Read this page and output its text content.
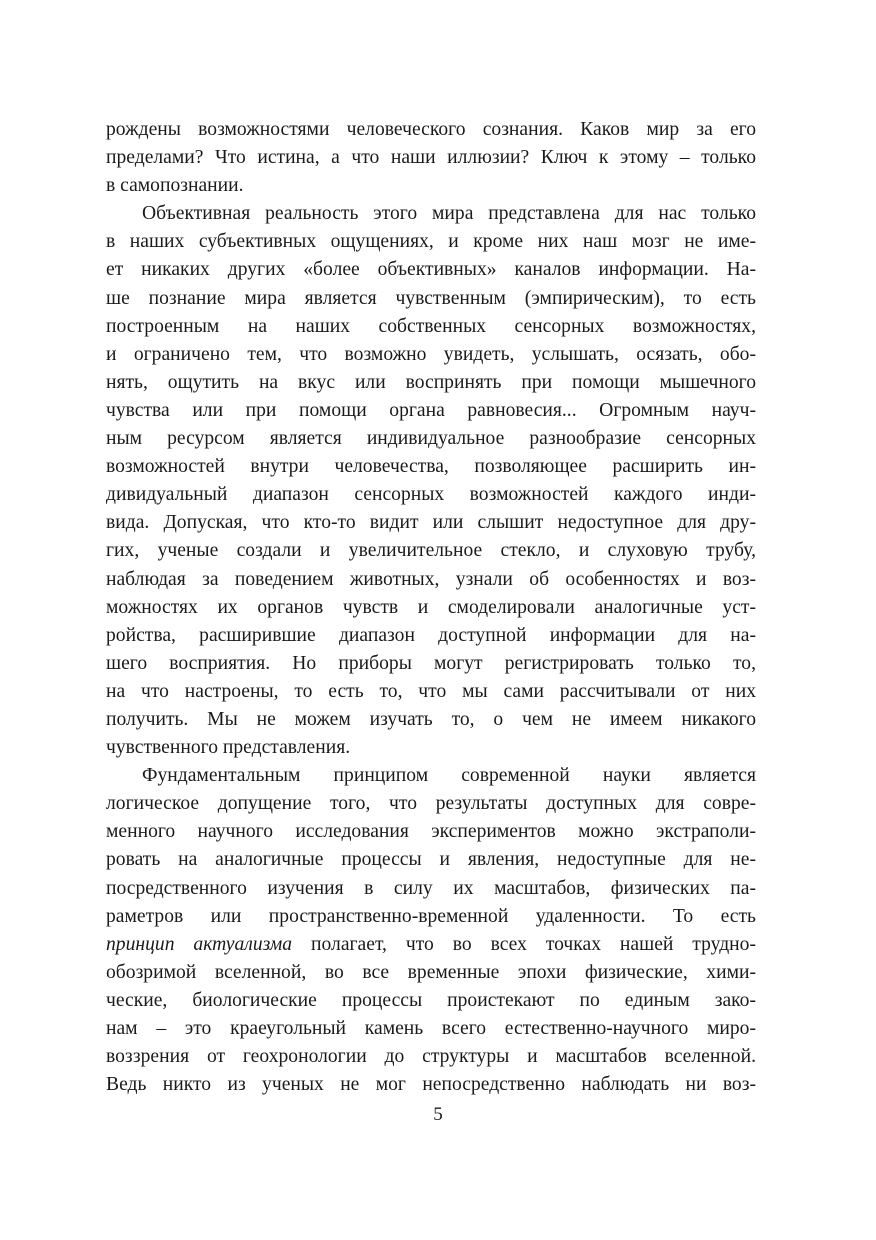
рождены возможностями человеческого сознания. Каков мир за его
пределами? Что истина, а что наши иллюзии? Ключ к этому – только
в самопознании.
Объективная реальность этого мира представлена для нас только
в наших субъективных ощущениях, и кроме них наш мозг не име-
ет никаких других «более объективных» каналов информации. На-
ше познание мира является чувственным (эмпирическим), то есть
построенным на наших собственных сенсорных возможностях,
и ограничено тем, что возможно увидеть, услышать, осязать, обо-
нять, ощутить на вкус или воспринять при помощи мышечного
чувства или при помощи органа равновесия... Огромным науч-
ным ресурсом является индивидуальное разнообразие сенсорных
возможностей внутри человечества, позволяющее расширить ин-
дивидуальный диапазон сенсорных возможностей каждого инди-
вида. Допуская, что кто-то видит или слышит недоступное для дру-
гих, ученые создали и увеличительное стекло, и слуховую трубу,
наблюдая за поведением животных, узнали об особенностях и воз-
можностях их органов чувств и смоделировали аналогичные уст-
ройства, расширившие диапазон доступной информации для на-
шего восприятия. Но приборы могут регистрировать только то,
на что настроены, то есть то, что мы сами рассчитывали от них
получить. Мы не можем изучать то, о чем не имеем никакого
чувственного представления.
Фундаментальным принципом современной науки является
логическое допущение того, что результаты доступных для совре-
менного научного исследования экспериментов можно экстраполи-
ровать на аналогичные процессы и явления, недоступные для не-
посредственного изучения в силу их масштабов, физических па-
раметров или пространственно-временной удаленности. То есть
принцип актуализма полагает, что во всех точках нашей трудно-
обозримой вселенной, во все временные эпохи физические, хими-
ческие, биологические процессы проистекают по единым зако-
нам – это краеугольный камень всего естественно-научного миро-
воззрения от геохронологии до структуры и масштабов вселенной.
Ведь никто из ученых не мог непосредственно наблюдать ни воз-
5
